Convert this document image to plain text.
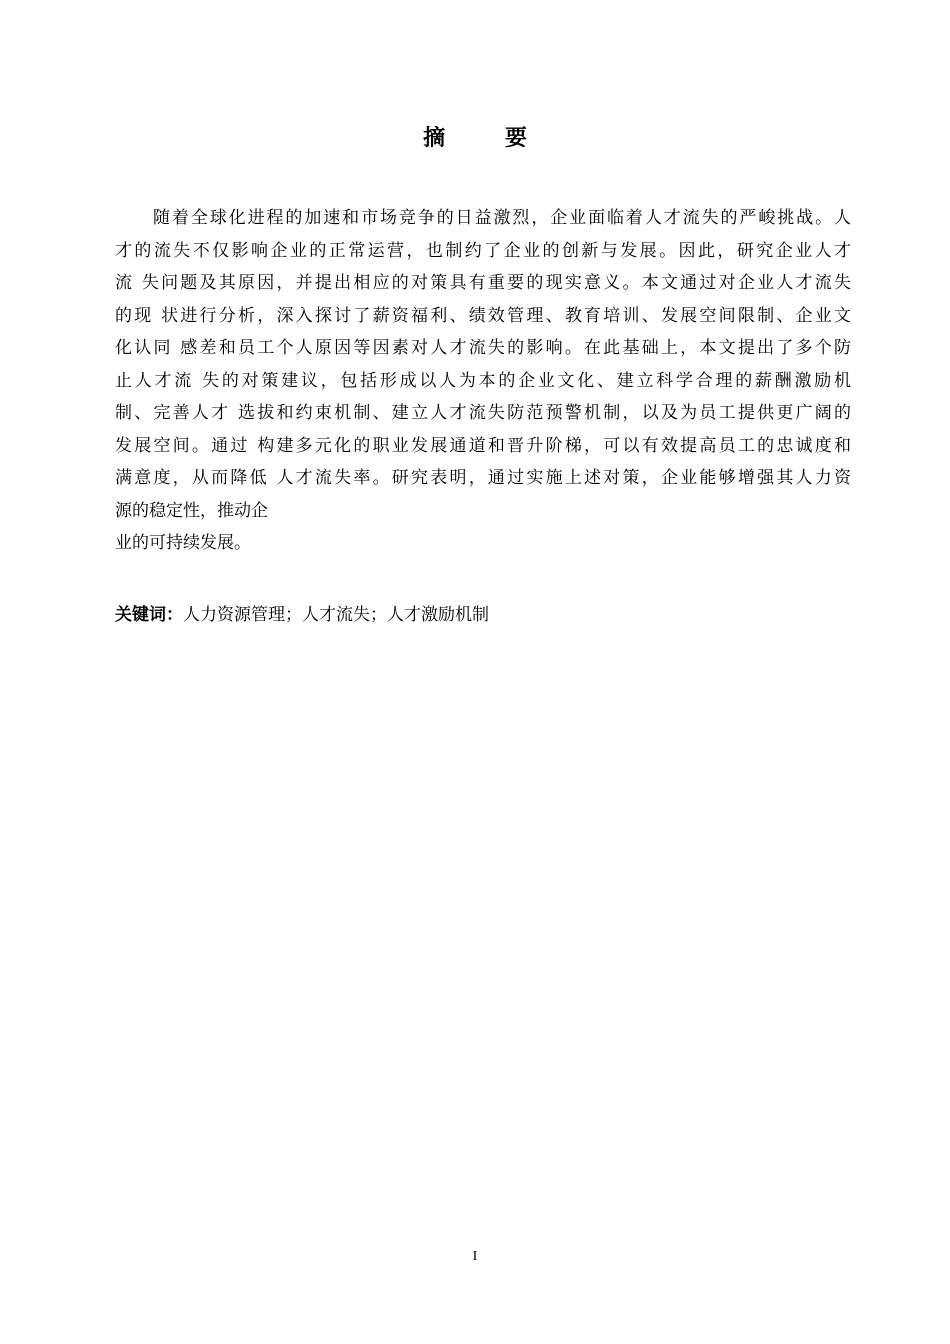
摘 要
随着全球化进程的加速和市场竞争的日益激烈，企业面临着人才流失的严峻挑战。人
才的流失不仅影响企业的正常运营，也制约了企业的创新与发展。因此，研究企业人才
流 失问题及其原因，并提出相应的对策具有重要的现实意义。本文通过对企业人才流失
的现 状进行分析，深入探讨了薪资福利、绩效管理、教育培训、发展空间限制、企业文
化认同 感差和员工个人原因等因素对人才流失的影响。在此基础上，本文提出了多个防
止人才流 失的对策建议，包括形成以人为本的企业文化、建立科学合理的薪酬激励机
制、完善人才 选拔和约束机制、建立人才流失防范预警机制，以及为员工提供更广阔的
发展空间。通过 构建多元化的职业发展通道和晋升阶梯，可以有效提高员工的忠诚度和
满意度，从而降低 人才流失率。研究表明，通过实施上述对策，企业能够增强其人力资
源的稳定性，推动企
业的可持续发展。
关键词：人力资源管理；人才流失；人才激励机制
I
